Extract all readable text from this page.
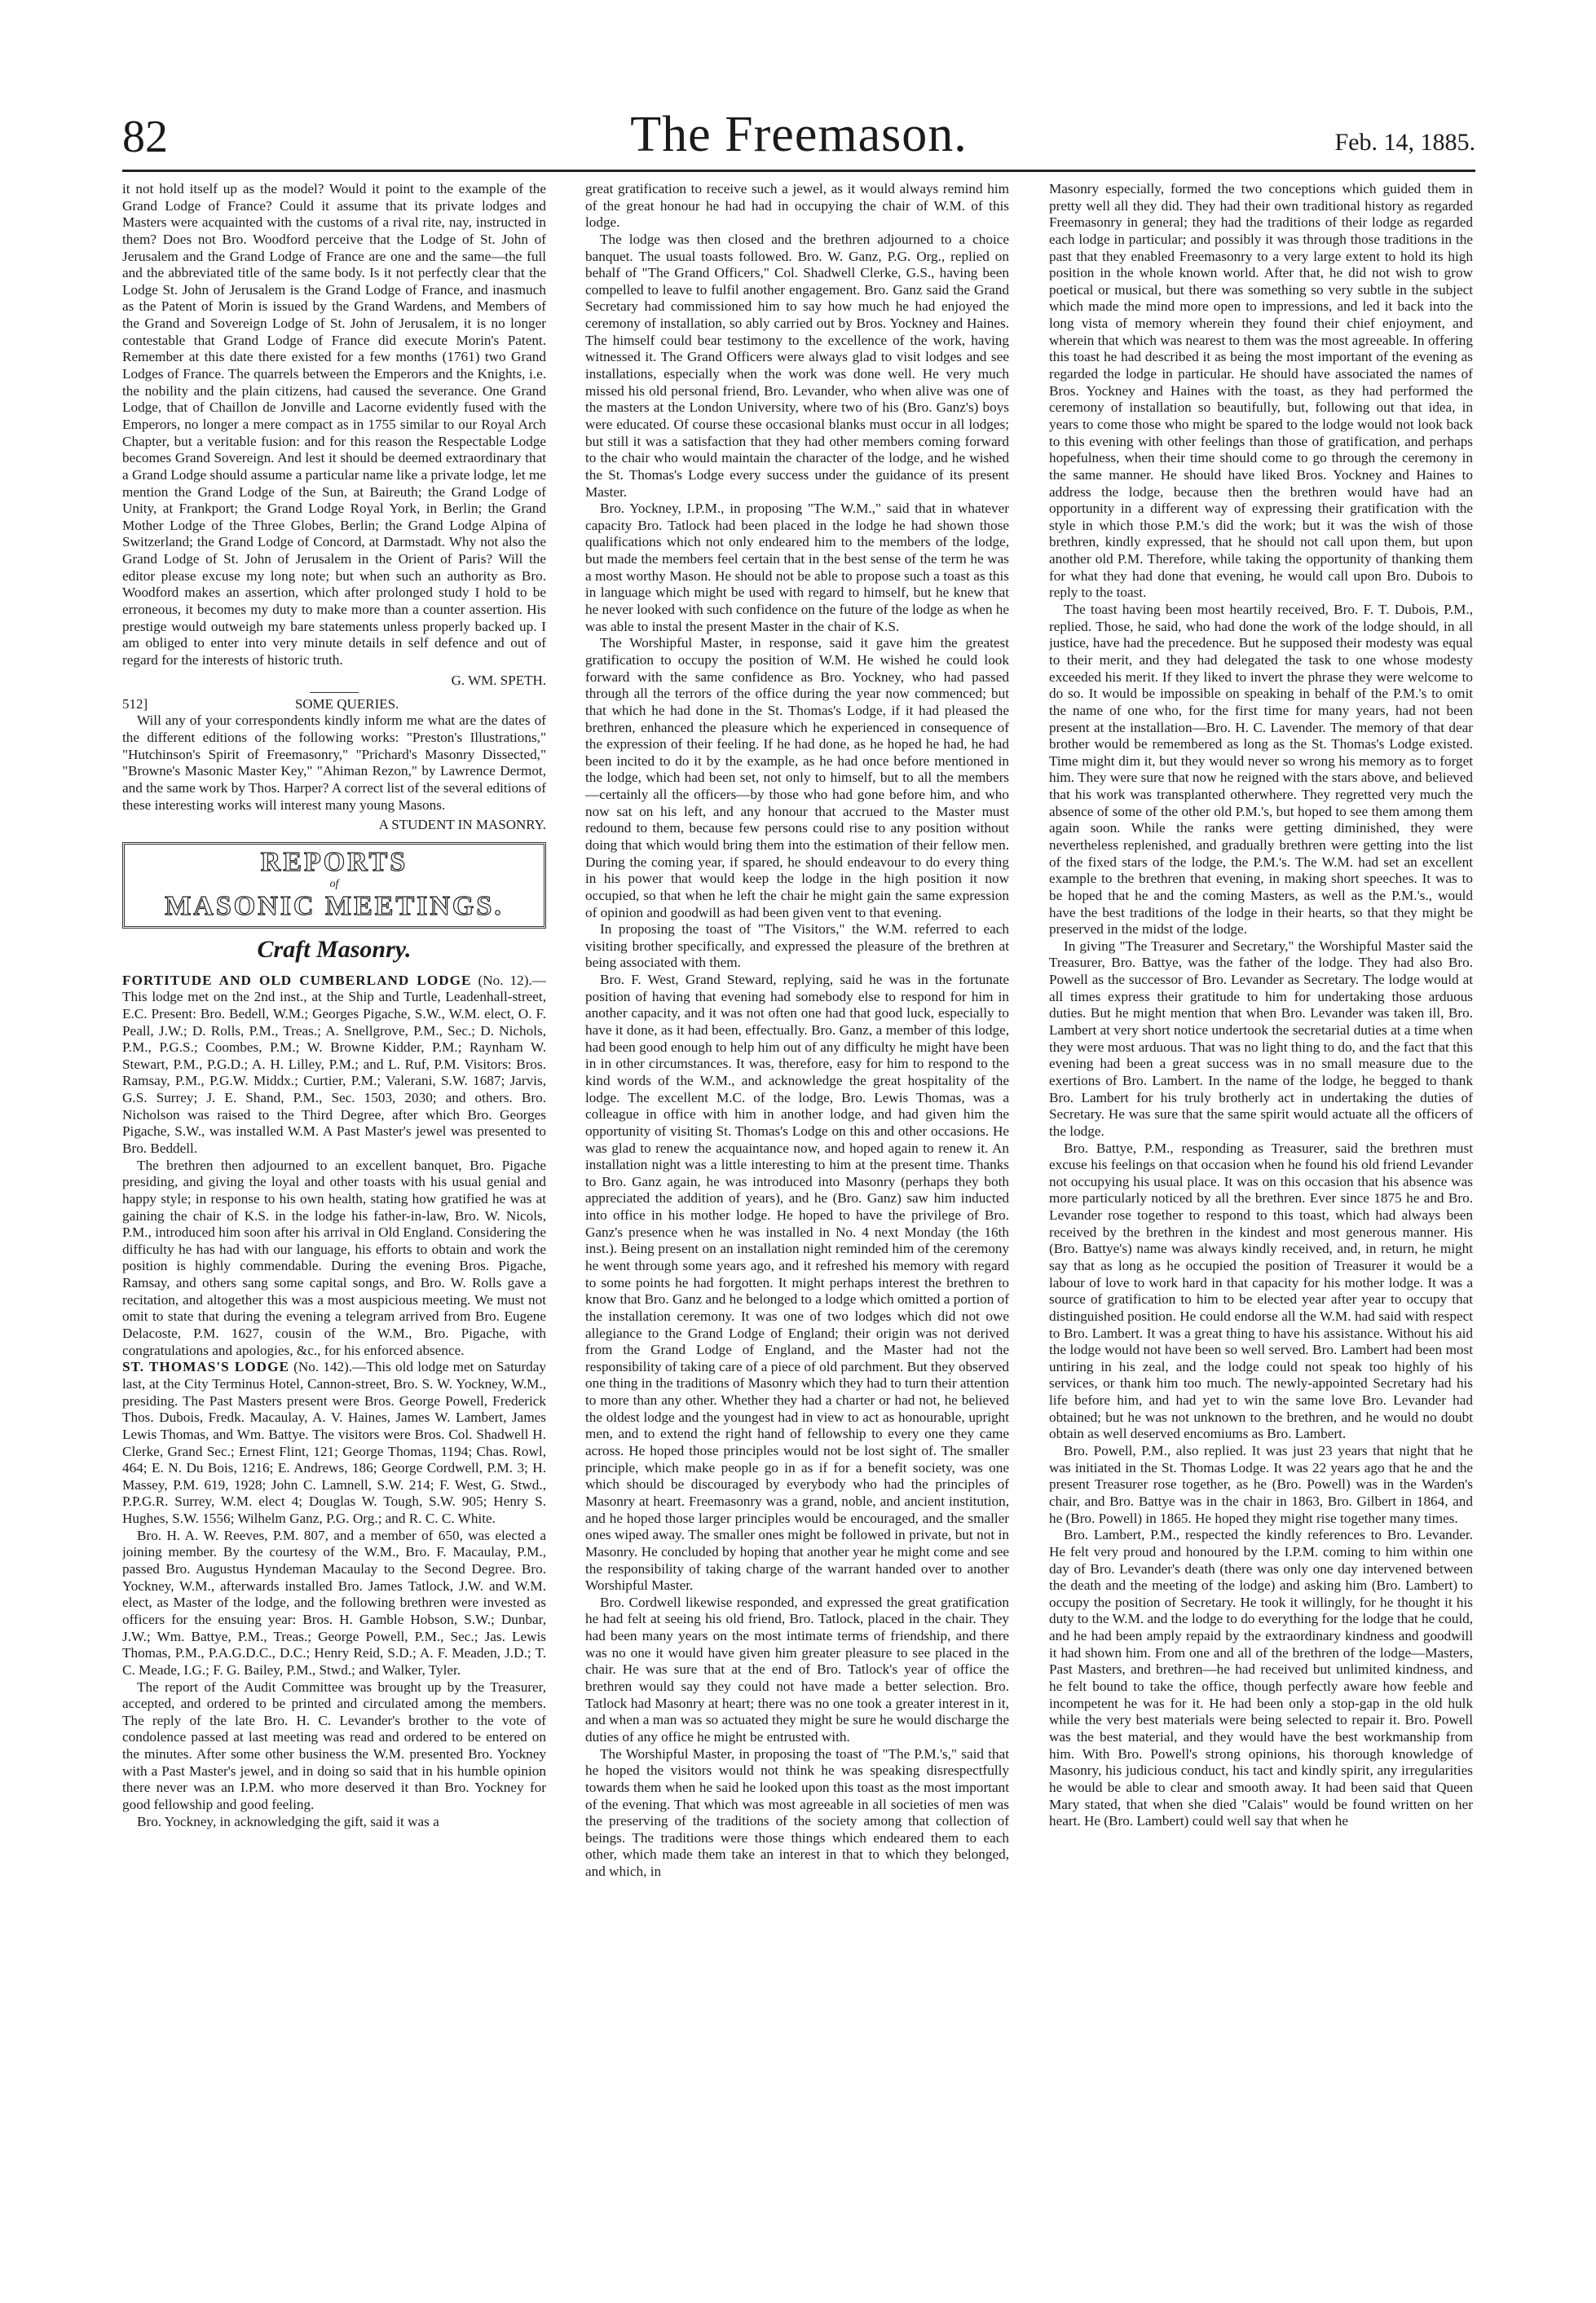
82	The Freemason.	Feb. 14, 1885.

it not hold itself up as the model? Would it point to the example of the Grand Lodge of France? Could it assume that its private lodges and Masters were acquainted with the customs of a rival rite, nay, instructed in them? Does not Bro. Woodford perceive that the Lodge of St. John of Jerusalem and the Grand Lodge of France are one and the same—the full and the abbreviated title of the same body. Is it not perfectly clear that the Lodge St. John of Jerusalem is the Grand Lodge of France, and inasmuch as the Patent of Morin is issued by the Grand Wardens, and Members of the Grand and Sovereign Lodge of St. John of Jerusalem, it is no longer contestable that Grand Lodge of France did execute Morin's Patent. Remember at this date there existed for a few months (1761) two Grand Lodges of France. The quarrels between the Emperors and the Knights, i.e. the nobility and the plain citizens, had caused the severance. One Grand Lodge, that of Chaillon de Jonville and Lacorne evidently fused with the Emperors, no longer a mere compact as in 1755 similar to our Royal Arch Chapter, but a veritable fusion: and for this reason the Respectable Lodge becomes Grand Sovereign. And lest it should be deemed extraordinary that a Grand Lodge should assume a particular name like a private lodge, let me mention the Grand Lodge of the Sun, at Baireuth; the Grand Lodge of Unity, at Frankport; the Grand Lodge Royal York, in Berlin; the Grand Mother Lodge of the Three Globes, Berlin; the Grand Lodge Alpina of Switzerland; the Grand Lodge of Concord, at Darmstadt. Why not also the Grand Lodge of St. John of Jerusalem in the Orient of Paris? Will the editor please excuse my long note; but when such an authority as Bro. Woodford makes an assertion, which after prolonged study I hold to be erroneous, it becomes my duty to make more than a counter assertion. His prestige would outweigh my bare statements unless properly backed up. I am obliged to enter into very minute details in self defence and out of regard for the interests of historic truth.

G. WM. SPETH.
512]	SOME QUERIES.

Will any of your correspondents kindly inform me what are the dates of the different editions of the following works: "Preston's Illustrations," "Hutchinson's Spirit of Freemasonry," "Prichard's Masonry Dissected," "Browne's Masonic Master Key," "Ahiman Rezon," by Lawrence Dermot, and the same work by Thos. Harper? A correct list of the several editions of these interesting works will interest many young Masons.

A STUDENT IN MASONRY.
REPORTS
of
MASONIC MEETINGS.
Craft Masonry.

FORTITUDE AND OLD CUMBERLAND LODGE (No. 12).—This lodge met on the 2nd inst., at the Ship and Turtle, Leadenhall-street, E.C. Present: Bro. Bedell, W.M.; Georges Pigache, S.W., W.M. elect, O. F. Peall, J.W.; D. Rolls, P.M., Treas.; A. Snellgrove, P.M., Sec.; D. Nichols, P.M., P.G.S.; Coombes, P.M.; W. Browne Kidder, P.M.; Raynham W. Stewart, P.M., P.G.D.; A. H. Lilley, P.M.; and L. Ruf, P.M. Visitors: Bros. Ramsay, P.M., P.G.W. Middx.; Curtier, P.M.; Valerani, S.W. 1687; Jarvis, G.S. Surrey; J. E. Shand, P.M., Sec. 1503, 2030; and others. Bro. Nicholson was raised to the Third Degree, after which Bro. Georges Pigache, S.W., was installed W.M. A Past Master's jewel was presented to Bro. Beddell.

The brethren then adjourned to an excellent banquet, Bro. Pigache presiding, and giving the loyal and other toasts with his usual genial and happy style; in response to his own health, stating how gratified he was at gaining the chair of K.S. in the lodge his father-in-law, Bro. W. Nicols, P.M., introduced him soon after his arrival in Old England. Considering the difficulty he has had with our language, his efforts to obtain and work the position is highly commendable. During the evening Bros. Pigache, Ramsay, and others sang some capital songs, and Bro. W. Rolls gave a recitation, and altogether this was a most auspicious meeting. We must not omit to state that during the evening a telegram arrived from Bro. Eugene Delacoste, P.M. 1627, cousin of the W.M., Bro. Pigache, with congratulations and apologies, &c., for his enforced absence.

ST. THOMAS'S LODGE (No. 142).—This old lodge met on Saturday last, at the City Terminus Hotel, Cannon-street, Bro. S. W. Yockney, W.M., presiding. The Past Masters present were Bros. George Powell, Frederick Thos. Dubois, Fredk. Macaulay, A. V. Haines, James W. Lambert, James Lewis Thomas, and Wm. Battye. The visitors were Bros. Col. Shadwell H. Clerke, Grand Sec.; Ernest Flint, 121; George Thomas, 1194; Chas. Rowl, 464; E. N. Du Bois, 1216; E. Andrews, 186; George Cordwell, P.M. 3; H. Massey, P.M. 619, 1928; John C. Lamnell, S.W. 214; F. West, G. Stwd., P.P.G.R. Surrey, W.M. elect 4; Douglas W. Tough, S.W. 905; Henry S. Hughes, S.W. 1556; Wilhelm Ganz, P.G. Org.; and R. C. C. White.

Bro. H. A. W. Reeves, P.M. 807, and a member of 650, was elected a joining member. By the courtesy of the W.M., Bro. F. Macaulay, P.M., passed Bro. Augustus Hyndeman Macaulay to the Second Degree. Bro. Yockney, W.M., afterwards installed Bro. James Tatlock, J.W. and W.M. elect, as Master of the lodge, and the following brethren were invested as officers for the ensuing year: Bros. H. Gamble Hobson, S.W.; Dunbar, J.W.; Wm. Battye, P.M., Treas.; George Powell, P.M., Sec.; Jas. Lewis Thomas, P.M., P.A.G.D.C., D.C.; Henry Reid, S.D.; A. F. Meaden, J.D.; T. C. Meade, I.G.; F. G. Bailey, P.M., Stwd.; and Walker, Tyler.

The report of the Audit Committee was brought up by the Treasurer, accepted, and ordered to be printed and circulated among the members. The reply of the late Bro. H. C. Levander's brother to the vote of condolence passed at last meeting was read and ordered to be entered on the minutes. After some other business the W.M. presented Bro. Yockney with a Past Master's jewel, and in doing so said that in his humble opinion there never was an I.P.M. who more deserved it than Bro. Yockney for good fellowship and good feeling.

Bro. Yockney, in acknowledging the gift, said it was a

great gratification to receive such a jewel, as it would always remind him of the great honour he had had in occupying the chair of W.M. of this lodge.

The lodge was then closed and the brethren adjourned to a choice banquet. The usual toasts followed. Bro. W. Ganz, P.G. Org., replied on behalf of "The Grand Officers," Col. Shadwell Clerke, G.S., having been compelled to leave to fulfil another engagement. Bro. Ganz said the Grand Secretary had commissioned him to say how much he had enjoyed the ceremony of installation, so ably carried out by Bros. Yockney and Haines. The himself could bear testimony to the excellence of the work, having witnessed it. The Grand Officers were always glad to visit lodges and see installations, especially when the work was done well. He very much missed his old personal friend, Bro. Levander, who when alive was one of the masters at the London University, where two of his (Bro. Ganz's) boys were educated. Of course these occasional blanks must occur in all lodges; but still it was a satisfaction that they had other members coming forward to the chair who would maintain the character of the lodge, and he wished the St. Thomas's Lodge every success under the guidance of its present Master.

Bro. Yockney, I.P.M., in proposing "The W.M.," said that in whatever capacity Bro. Tatlock had been placed in the lodge he had shown those qualifications which not only endeared him to the members of the lodge, but made the members feel certain that in the best sense of the term he was a most worthy Mason. He should not be able to propose such a toast as this in language which might be used with regard to himself, but he knew that he never looked with such confidence on the future of the lodge as when he was able to instal the present Master in the chair of K.S.

The Worshipful Master, in response, said it gave him the greatest gratification to occupy the position of W.M. He wished he could look forward with the same confidence as Bro. Yockney, who had passed through all the terrors of the office during the year now commenced; but that which he had done in the St. Thomas's Lodge, if it had pleased the brethren, enhanced the pleasure which he experienced in consequence of the expression of their feeling. If he had done, as he hoped he had, he had been incited to do it by the example, as he had once before mentioned in the lodge, which had been set, not only to himself, but to all the members—certainly all the officers—by those who had gone before him, and who now sat on his left, and any honour that accrued to the Master must redound to them, because few persons could rise to any position without doing that which would bring them into the estimation of their fellow men. During the coming year, if spared, he should endeavour to do every thing in his power that would keep the lodge in the high position it now occupied, so that when he left the chair he might gain the same expression of opinion and goodwill as had been given vent to that evening.

In proposing the toast of "The Visitors," the W.M. referred to each visiting brother specifically, and expressed the pleasure of the brethren at being associated with them.

Bro. F. West, Grand Steward, replying, said he was in the fortunate position of having that evening had somebody else to respond for him in another capacity, and it was not often one had that good luck, especially to have it done, as it had been, effectually. Bro. Ganz, a member of this lodge, had been good enough to help him out of any difficulty he might have been in in other circumstances. It was, therefore, easy for him to respond to the kind words of the W.M., and acknowledge the great hospitality of the lodge. The excellent M.C. of the lodge, Bro. Lewis Thomas, was a colleague in office with him in another lodge, and had given him the opportunity of visiting St. Thomas's Lodge on this and other occasions. He was glad to renew the acquaintance now, and hoped again to renew it. An installation night was a little interesting to him at the present time. Thanks to Bro. Ganz again, he was introduced into Masonry (perhaps they both appreciated the addition of years), and he (Bro. Ganz) saw him inducted into office in his mother lodge. He hoped to have the privilege of Bro. Ganz's presence when he was installed in No. 4 next Monday (the 16th inst.). Being present on an installation night reminded him of the ceremony he went through some years ago, and it refreshed his memory with regard to some points he had forgotten. It might perhaps interest the brethren to know that Bro. Ganz and he belonged to a lodge which omitted a portion of the installation ceremony. It was one of two lodges which did not owe allegiance to the Grand Lodge of England; their origin was not derived from the Grand Lodge of England, and the Master had not the responsibility of taking care of a piece of old parchment. But they observed one thing in the traditions of Masonry which they had to turn their attention to more than any other. Whether they had a charter or had not, he believed the oldest lodge and the youngest had in view to act as honourable, upright men, and to extend the right hand of fellowship to every one they came across. He hoped those principles would not be lost sight of. The smaller principle, which make people go in as if for a benefit society, was one which should be discouraged by everybody who had the principles of Masonry at heart. Freemasonry was a grand, noble, and ancient institution, and he hoped those larger principles would be encouraged, and the smaller ones wiped away. The smaller ones might be followed in private, but not in Masonry. He concluded by hoping that another year he might come and see the responsibility of taking charge of the warrant handed over to another Worshipful Master.

Bro. Cordwell likewise responded, and expressed the great gratification he had felt at seeing his old friend, Bro. Tatlock, placed in the chair. They had been many years on the most intimate terms of friendship, and there was no one it would have given him greater pleasure to see placed in the chair. He was sure that at the end of Bro. Tatlock's year of office the brethren would say they could not have made a better selection. Bro. Tatlock had Masonry at heart; there was no one took a greater interest in it, and when a man was so actuated they might be sure he would discharge the duties of any office he might be entrusted with.

The Worshipful Master, in proposing the toast of "The P.M.'s," said that he hoped the visitors would not think he was speaking disrespectfully towards them when he said he looked upon this toast as the most important of the evening. That which was most agreeable in all societies of men was the preserving of the traditions of the society among that collection of beings. The traditions were those things which endeared them to each other, which made them take an interest in that to which they belonged, and which, in

Masonry especially, formed the two conceptions which guided them in pretty well all they did. They had their own traditional history as regarded Freemasonry in general; they had the traditions of their lodge as regarded each lodge in particular; and possibly it was through those traditions in the past that they enabled Freemasonry to a very large extent to hold its high position in the whole known world. After that, he did not wish to grow poetical or musical, but there was something so very subtle in the subject which made the mind more open to impressions, and led it back into the long vista of memory wherein they found their chief enjoyment, and wherein that which was nearest to them was the most agreeable. In offering this toast he had described it as being the most important of the evening as regarded the lodge in particular. He should have associated the names of Bros. Yockney and Haines with the toast, as they had performed the ceremony of installation so beautifully, but, following out that idea, in years to come those who might be spared to the lodge would not look back to this evening with other feelings than those of gratification, and perhaps hopefulness, when their time should come to go through the ceremony in the same manner. He should have liked Bros. Yockney and Haines to address the lodge, because then the brethren would have had an opportunity in a different way of expressing their gratification with the style in which those P.M.'s did the work; but it was the wish of those brethren, kindly expressed, that he should not call upon them, but upon another old P.M. Therefore, while taking the opportunity of thanking them for what they had done that evening, he would call upon Bro. Dubois to reply to the toast.

The toast having been most heartily received, Bro. F. T. Dubois, P.M., replied. Those, he said, who had done the work of the lodge should, in all justice, have had the precedence. But he supposed their modesty was equal to their merit, and they had delegated the task to one whose modesty exceeded his merit. If they liked to invert the phrase they were welcome to do so. It would be impossible on speaking in behalf of the P.M.'s to omit the name of one who, for the first time for many years, had not been present at the installation—Bro. H. C. Lavender. The memory of that dear brother would be remembered as long as the St. Thomas's Lodge existed. Time might dim it, but they would never so wrong his memory as to forget him. They were sure that now he reigned with the stars above, and believed that his work was transplanted otherwhere. They regretted very much the absence of some of the other old P.M.'s, but hoped to see them among them again soon. While the ranks were getting diminished, they were nevertheless replenished, and gradually brethren were getting into the list of the fixed stars of the lodge, the P.M.'s. The W.M. had set an excellent example to the brethren that evening, in making short speeches. It was to be hoped that he and the coming Masters, as well as the P.M.'s., would have the best traditions of the lodge in their hearts, so that they might be preserved in the midst of the lodge.

In giving "The Treasurer and Secretary," the Worshipful Master said the Treasurer, Bro. Battye, was the father of the lodge. They had also Bro. Powell as the successor of Bro. Levander as Secretary. The lodge would at all times express their gratitude to him for undertaking those arduous duties. But he might mention that when Bro. Levander was taken ill, Bro. Lambert at very short notice undertook the secretarial duties at a time when they were most arduous. That was no light thing to do, and the fact that this evening had been a great success was in no small measure due to the exertions of Bro. Lambert. In the name of the lodge, he begged to thank Bro. Lambert for his truly brotherly act in undertaking the duties of Secretary. He was sure that the same spirit would actuate all the officers of the lodge.

Bro. Battye, P.M., responding as Treasurer, said the brethren must excuse his feelings on that occasion when he found his old friend Levander not occupying his usual place. It was on this occasion that his absence was more particularly noticed by all the brethren. Ever since 1875 he and Bro. Levander rose together to respond to this toast, which had always been received by the brethren in the kindest and most generous manner. His (Bro. Battye's) name was always kindly received, and, in return, he might say that as long as he occupied the position of Treasurer it would be a labour of love to work hard in that capacity for his mother lodge. It was a source of gratification to him to be elected year after year to occupy that distinguished position. He could endorse all the W.M. had said with respect to Bro. Lambert. It was a great thing to have his assistance. Without his aid the lodge would not have been so well served. Bro. Lambert had been most untiring in his zeal, and the lodge could not speak too highly of his services, or thank him too much. The newly-appointed Secretary had his life before him, and had yet to win the same love Bro. Levander had obtained; but he was not unknown to the brethren, and he would no doubt obtain as well deserved encomiums as Bro. Lambert.

Bro. Powell, P.M., also replied. It was just 23 years that night that he was initiated in the St. Thomas Lodge. It was 22 years ago that he and the present Treasurer rose together, as he (Bro. Powell) was in the Warden's chair, and Bro. Battye was in the chair in 1863, Bro. Gilbert in 1864, and he (Bro. Powell) in 1865. He hoped they might rise together many times.

Bro. Lambert, P.M., respected the kindly references to Bro. Levander. He felt very proud and honoured by the I.P.M. coming to him within one day of Bro. Levander's death (there was only one day intervened between the death and the meeting of the lodge) and asking him (Bro. Lambert) to occupy the position of Secretary. He took it willingly, for he thought it his duty to the W.M. and the lodge to do everything for the lodge that he could, and he had been amply repaid by the extraordinary kindness and goodwill it had shown him. From one and all of the brethren of the lodge—Masters, Past Masters, and brethren—he had received but unlimited kindness, and he felt bound to take the office, though perfectly aware how feeble and incompetent he was for it. He had been only a stop-gap in the old hulk while the very best materials were being selected to repair it. Bro. Powell was the best material, and they would have the best workmanship from him. With Bro. Powell's strong opinions, his thorough knowledge of Masonry, his judicious conduct, his tact and kindly spirit, any irregularities he would be able to clear and smooth away. It had been said that Queen Mary stated, that when she died "Calais" would be found written on her heart. He (Bro. Lambert) could well say that when he
